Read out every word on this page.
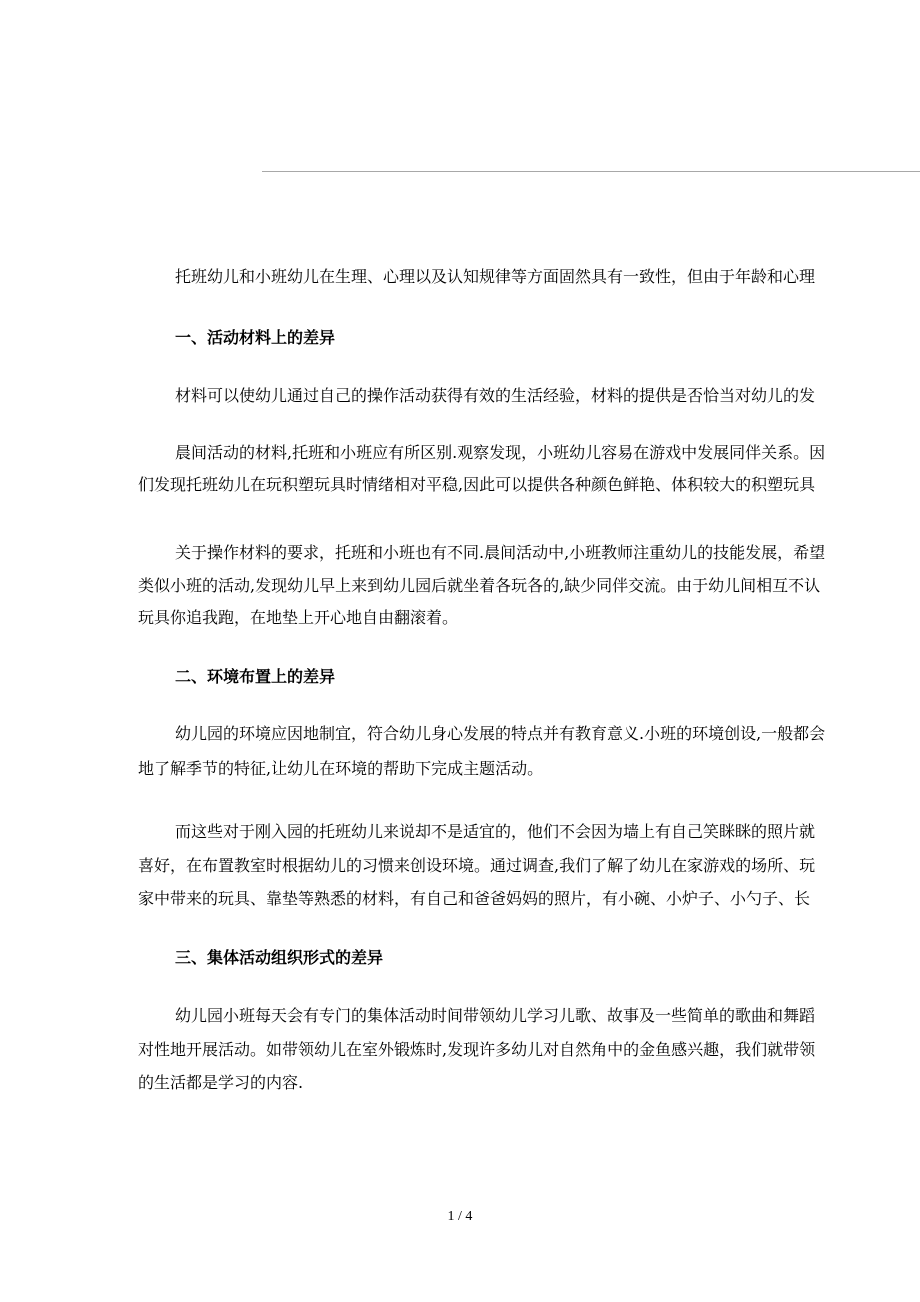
托班幼儿和小班幼儿在生理、心理以及认知规律等方面固然具有一致性，但由于年龄和心理
一、活动材料上的差异
材料可以使幼儿通过自己的操作活动获得有效的生活经验，材料的提供是否恰当对幼儿的发
晨间活动的材料,托班和小班应有所区别.观察发现，小班幼儿容易在游戏中发展同伴关系。因
们发现托班幼儿在玩积塑玩具时情绪相对平稳,因此可以提供各种颜色鲜艳、体积较大的积塑玩具
关于操作材料的要求，托班和小班也有不同.晨间活动中,小班教师注重幼儿的技能发展，希望
类似小班的活动,发现幼儿早上来到幼儿园后就坐着各玩各的,缺少同伴交流。由于幼儿间相互不认
玩具你追我跑，在地垫上开心地自由翻滚着。
二、环境布置上的差异
幼儿园的环境应因地制宜，符合幼儿身心发展的特点并有教育意义.小班的环境创设,一般都会
地了解季节的特征,让幼儿在环境的帮助下完成主题活动。
而这些对于刚入园的托班幼儿来说却不是适宜的，他们不会因为墙上有自己笑眯眯的照片就
喜好，在布置教室时根据幼儿的习惯来创设环境。通过调查,我们了解了幼儿在家游戏的场所、玩
家中带来的玩具、靠垫等熟悉的材料，有自己和爸爸妈妈的照片，有小碗、小炉子、小勺子、长
三、集体活动组织形式的差异
幼儿园小班每天会有专门的集体活动时间带领幼儿学习儿歌、故事及一些简单的歌曲和舞蹈
对性地开展活动。如带领幼儿在室外锻炼时,发现许多幼儿对自然角中的金鱼感兴趣，我们就带领
的生活都是学习的内容.
1 / 4
